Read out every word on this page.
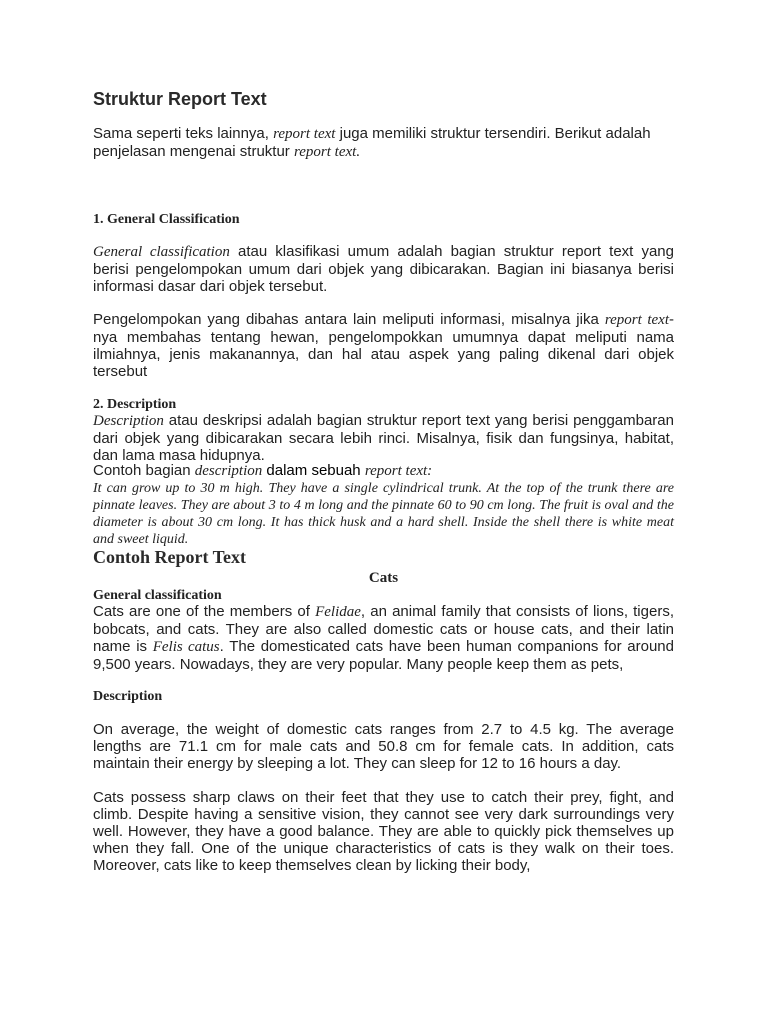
Struktur Report Text

Sama seperti teks lainnya, report text juga memiliki struktur tersendiri. Berikut adalah penjelasan mengenai struktur report text.

1. General Classification

General classification atau klasifikasi umum adalah bagian struktur report text yang berisi pengelompokan umum dari objek yang dibicarakan. Bagian ini biasanya berisi informasi dasar dari objek tersebut.

Pengelompokan yang dibahas antara lain meliputi informasi, misalnya jika report text-nya membahas tentang hewan, pengelompokkan umumnya dapat meliputi nama ilmiahnya, jenis makanannya, dan hal atau aspek yang paling dikenal dari objek tersebut

2. Description

Description atau deskripsi adalah bagian struktur report text yang berisi penggambaran dari objek yang dibicarakan secara lebih rinci. Misalnya, fisik dan fungsinya, habitat, dan lama masa hidupnya.

Contoh bagian description dalam sebuah report text:

It can grow up to 30 m high. They have a single cylindrical trunk. At the top of the trunk there are pinnate leaves. They are about 3 to 4 m long and the pinnate 60 to 90 cm long. The fruit is oval and the diameter is about 30 cm long. It has thick husk and a hard shell. Inside the shell there is white meat and sweet liquid.

Contoh Report Text
Cats
General classification

Cats are one of the members of Felidae, an animal family that consists of lions, tigers, bobcats, and cats. They are also called domestic cats or house cats, and their latin name is Felis catus. The domesticated cats have been human companions for around 9,500 years. Nowadays, they are very popular. Many people keep them as pets,

Description

On average, the weight of domestic cats ranges from 2.7 to 4.5 kg. The average lengths are 71.1 cm for male cats and 50.8 cm for female cats. In addition, cats maintain their energy by sleeping a lot. They can sleep for 12 to 16 hours a day.

Cats possess sharp claws on their feet that they use to catch their prey, fight, and climb. Despite having a sensitive vision, they cannot see very dark surroundings very well. However, they have a good balance. They are able to quickly pick themselves up when they fall. One of the unique characteristics of cats is they walk on their toes. Moreover, cats like to keep themselves clean by licking their body,
